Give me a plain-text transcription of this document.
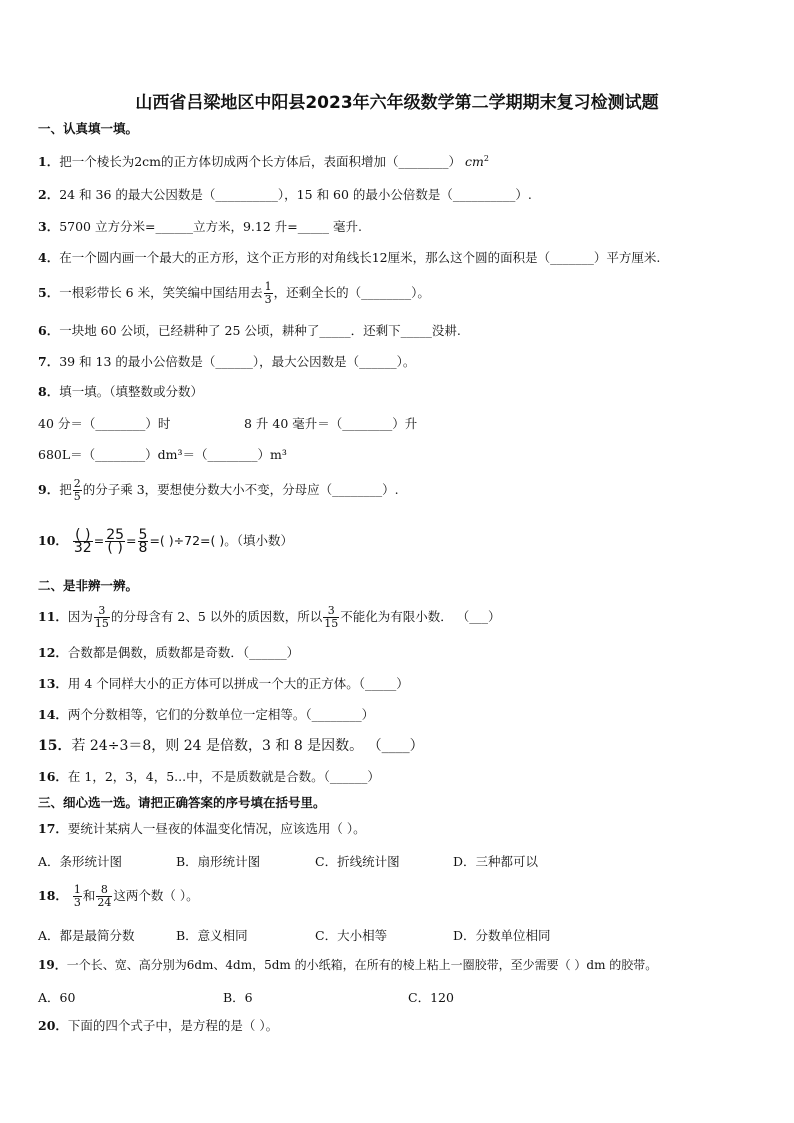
山西省吕梁地区中阳县2023年六年级数学第二学期期末复习检测试题
一、认真填一填。
1．把一个棱长为2cm的正方体切成两个长方体后，表面积增加（________） $cm^2$
2．24 和 36 的最大公因数是（__________），15 和 60 的最小公倍数是（__________）.
3．5700 立方分米=______立方米，9.12 升=_____ 毫升.
4．在一个圆内画一个最大的正方形，这个正方形的对角线长12厘米，那么这个圆的面积是（_______）平方厘米.
5．一根彩带长 6 米，笑笑编中国结用去 $\frac{1}{3}$ ，还剩全长的（________）。
6．一块地 60 公顷，已经耕种了 25 公顷，耕种了_____．还剩下_____没耕.
7．39 和 13 的最小公倍数是（______），最大公因数是（______）。
8．填一填。（填整数或分数）
40 分＝（________）时	8 升 40 毫升＝（________）升
680L＝（________）dm³＝（________）m³
9．把 $\frac{2}{5}$ 的分子乘 3，要想使分数大小不变，分母应（________）.
10． $\frac{( )}{32} = \frac{25}{( )} = \frac{5}{8}$ =( )÷72=( )。（填小数）
二、是非辨一辨。
11．因为 $\frac{3}{15}$ 的分母含有 2、5 以外的质因数，所以 $\frac{3}{15}$ 不能化为有限小数． （___）
12．合数都是偶数，质数都是奇数．（______）
13．用 4 个同样大小的正方体可以拼成一个大的正方体。（_____）
14．两个分数相等，它们的分数单位一定相等。（________）
15．若 24÷3＝8，则 24 是倍数，3 和 8 是因数。 （____）
16．在 1，2，3，4，5...中，不是质数就是合数。（______）
三、细心选一选。请把正确答案的序号填在括号里。
17．要统计某病人一昼夜的体温变化情况，应该选用（ ）。
A．条形统计图	B．扇形统计图	C．折线统计图	D．三种都可以
18． $\frac{1}{3}$ 和 $\frac{8}{24}$ 这两个数（ ）。
A．都是最简分数	B．意义相同	C．大小相等	D．分数单位相同
19．一个长、宽、高分别为6dm、4dm，5dm 的小纸箱，在所有的棱上粘上一圈胶带，至少需要（ ）dm 的胶带。
A．60	B．6	C．120
20．下面的四个式子中，是方程的是（ ）。
